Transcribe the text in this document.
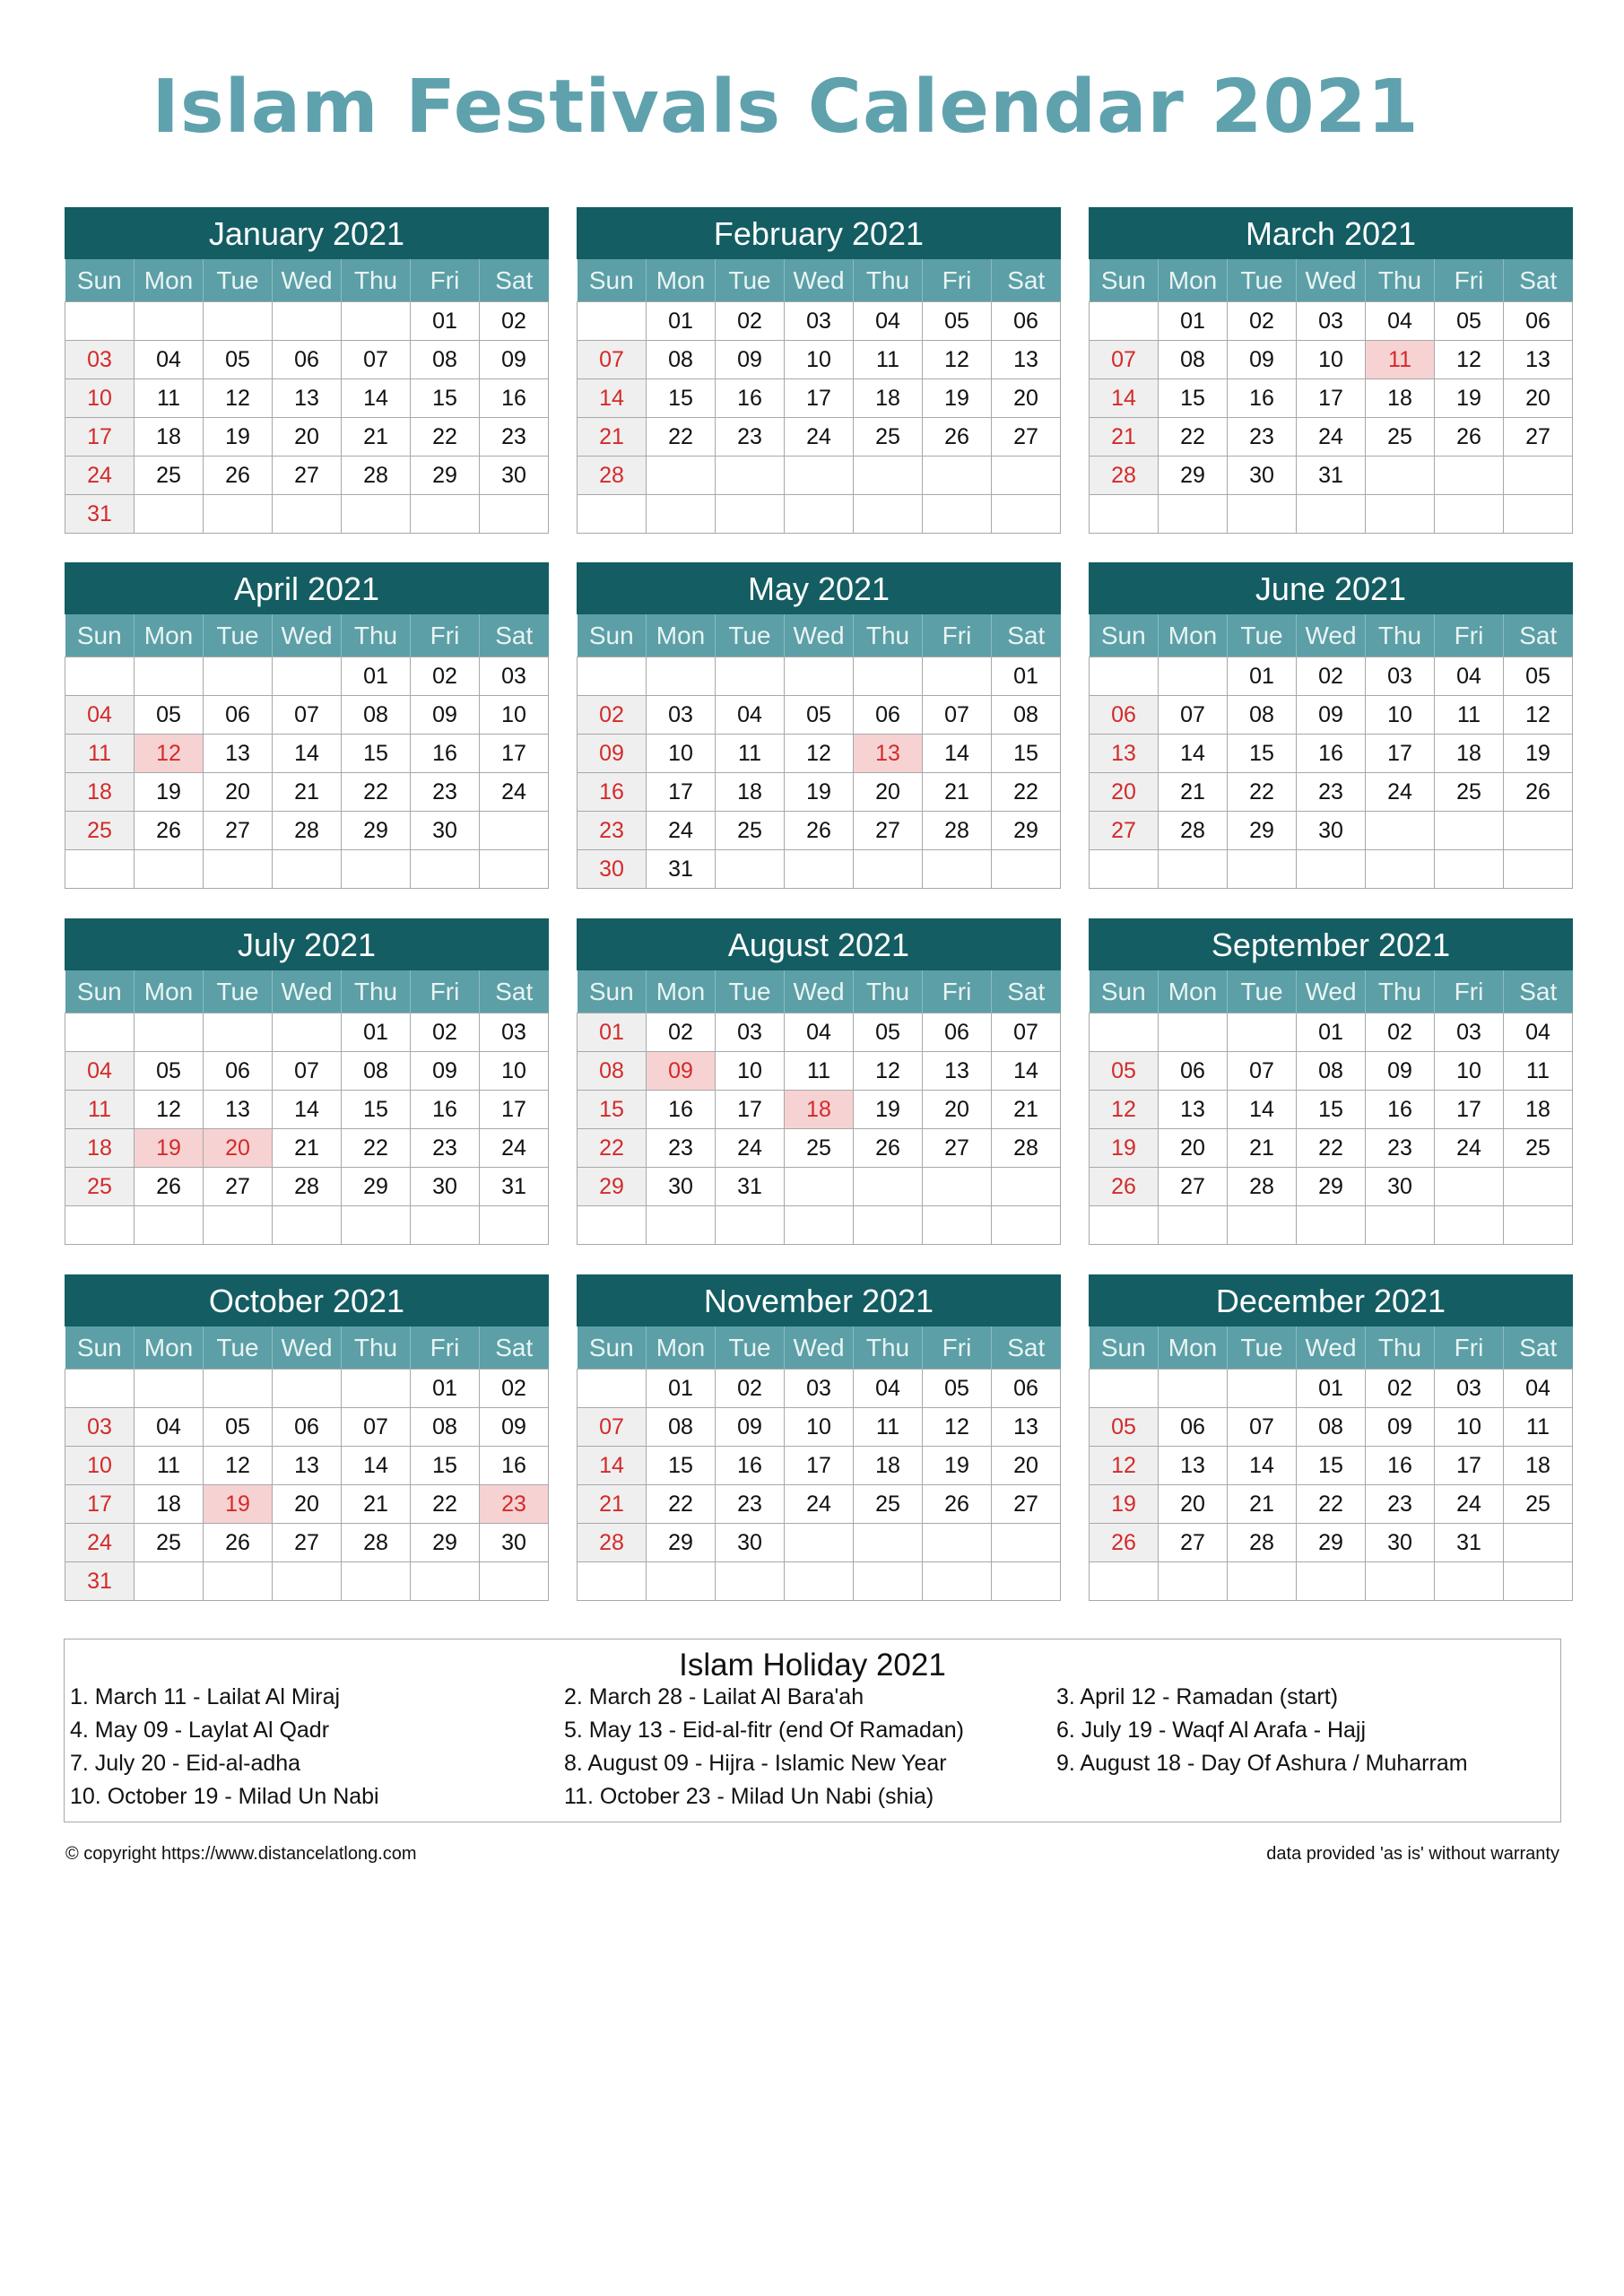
Islam Festivals Calendar 2021
January 2021
Sun	Mon	Tue	Wed	Thu	Fri	Sat
					01	02
03	04	05	06	07	08	09
10	11	12	13	14	15	16
17	18	19	20	21	22	23
24	25	26	27	28	29	30
31						
February 2021
Sun	Mon	Tue	Wed	Thu	Fri	Sat
	01	02	03	04	05	06
07	08	09	10	11	12	13
14	15	16	17	18	19	20
21	22	23	24	25	26	27
28						

March 2021
Sun	Mon	Tue	Wed	Thu	Fri	Sat
	01	02	03	04	05	06
07	08	09	10	11	12	13
14	15	16	17	18	19	20
21	22	23	24	25	26	27
28	29	30	31			

April 2021
Sun	Mon	Tue	Wed	Thu	Fri	Sat
				01	02	03
04	05	06	07	08	09	10
11	12	13	14	15	16	17
18	19	20	21	22	23	24
25	26	27	28	29	30	

May 2021
Sun	Mon	Tue	Wed	Thu	Fri	Sat
						01
02	03	04	05	06	07	08
09	10	11	12	13	14	15
16	17	18	19	20	21	22
23	24	25	26	27	28	29
30	31					
June 2021
Sun	Mon	Tue	Wed	Thu	Fri	Sat
		01	02	03	04	05
06	07	08	09	10	11	12
13	14	15	16	17	18	19
20	21	22	23	24	25	26
27	28	29	30			

July 2021
Sun	Mon	Tue	Wed	Thu	Fri	Sat
				01	02	03
04	05	06	07	08	09	10
11	12	13	14	15	16	17
18	19	20	21	22	23	24
25	26	27	28	29	30	31

August 2021
Sun	Mon	Tue	Wed	Thu	Fri	Sat
01	02	03	04	05	06	07
08	09	10	11	12	13	14
15	16	17	18	19	20	21
22	23	24	25	26	27	28
29	30	31				

September 2021
Sun	Mon	Tue	Wed	Thu	Fri	Sat
			01	02	03	04
05	06	07	08	09	10	11
12	13	14	15	16	17	18
19	20	21	22	23	24	25
26	27	28	29	30		

October 2021
Sun	Mon	Tue	Wed	Thu	Fri	Sat
					01	02
03	04	05	06	07	08	09
10	11	12	13	14	15	16
17	18	19	20	21	22	23
24	25	26	27	28	29	30
31						
November 2021
Sun	Mon	Tue	Wed	Thu	Fri	Sat
	01	02	03	04	05	06
07	08	09	10	11	12	13
14	15	16	17	18	19	20
21	22	23	24	25	26	27
28	29	30				

December 2021
Sun	Mon	Tue	Wed	Thu	Fri	Sat
			01	02	03	04
05	06	07	08	09	10	11
12	13	14	15	16	17	18
19	20	21	22	23	24	25
26	27	28	29	30	31	

Islam Holiday 2021
1. March 11 - Lailat Al Miraj	2. March 28 - Lailat Al Bara'ah	3. April 12 - Ramadan (start)
4. May 09 - Laylat Al Qadr	5. May 13 - Eid-al-fitr (end Of Ramadan)	6. July 19 - Waqf Al Arafa - Hajj
7. July 20 - Eid-al-adha	8. August 09 - Hijra - Islamic New Year	9. August 18 - Day Of Ashura / Muharram
10. October 19 - Milad Un Nabi	11. October 23 - Milad Un Nabi (shia)
© copyright https://www.distancelatlong.com	data provided 'as is' without warranty
